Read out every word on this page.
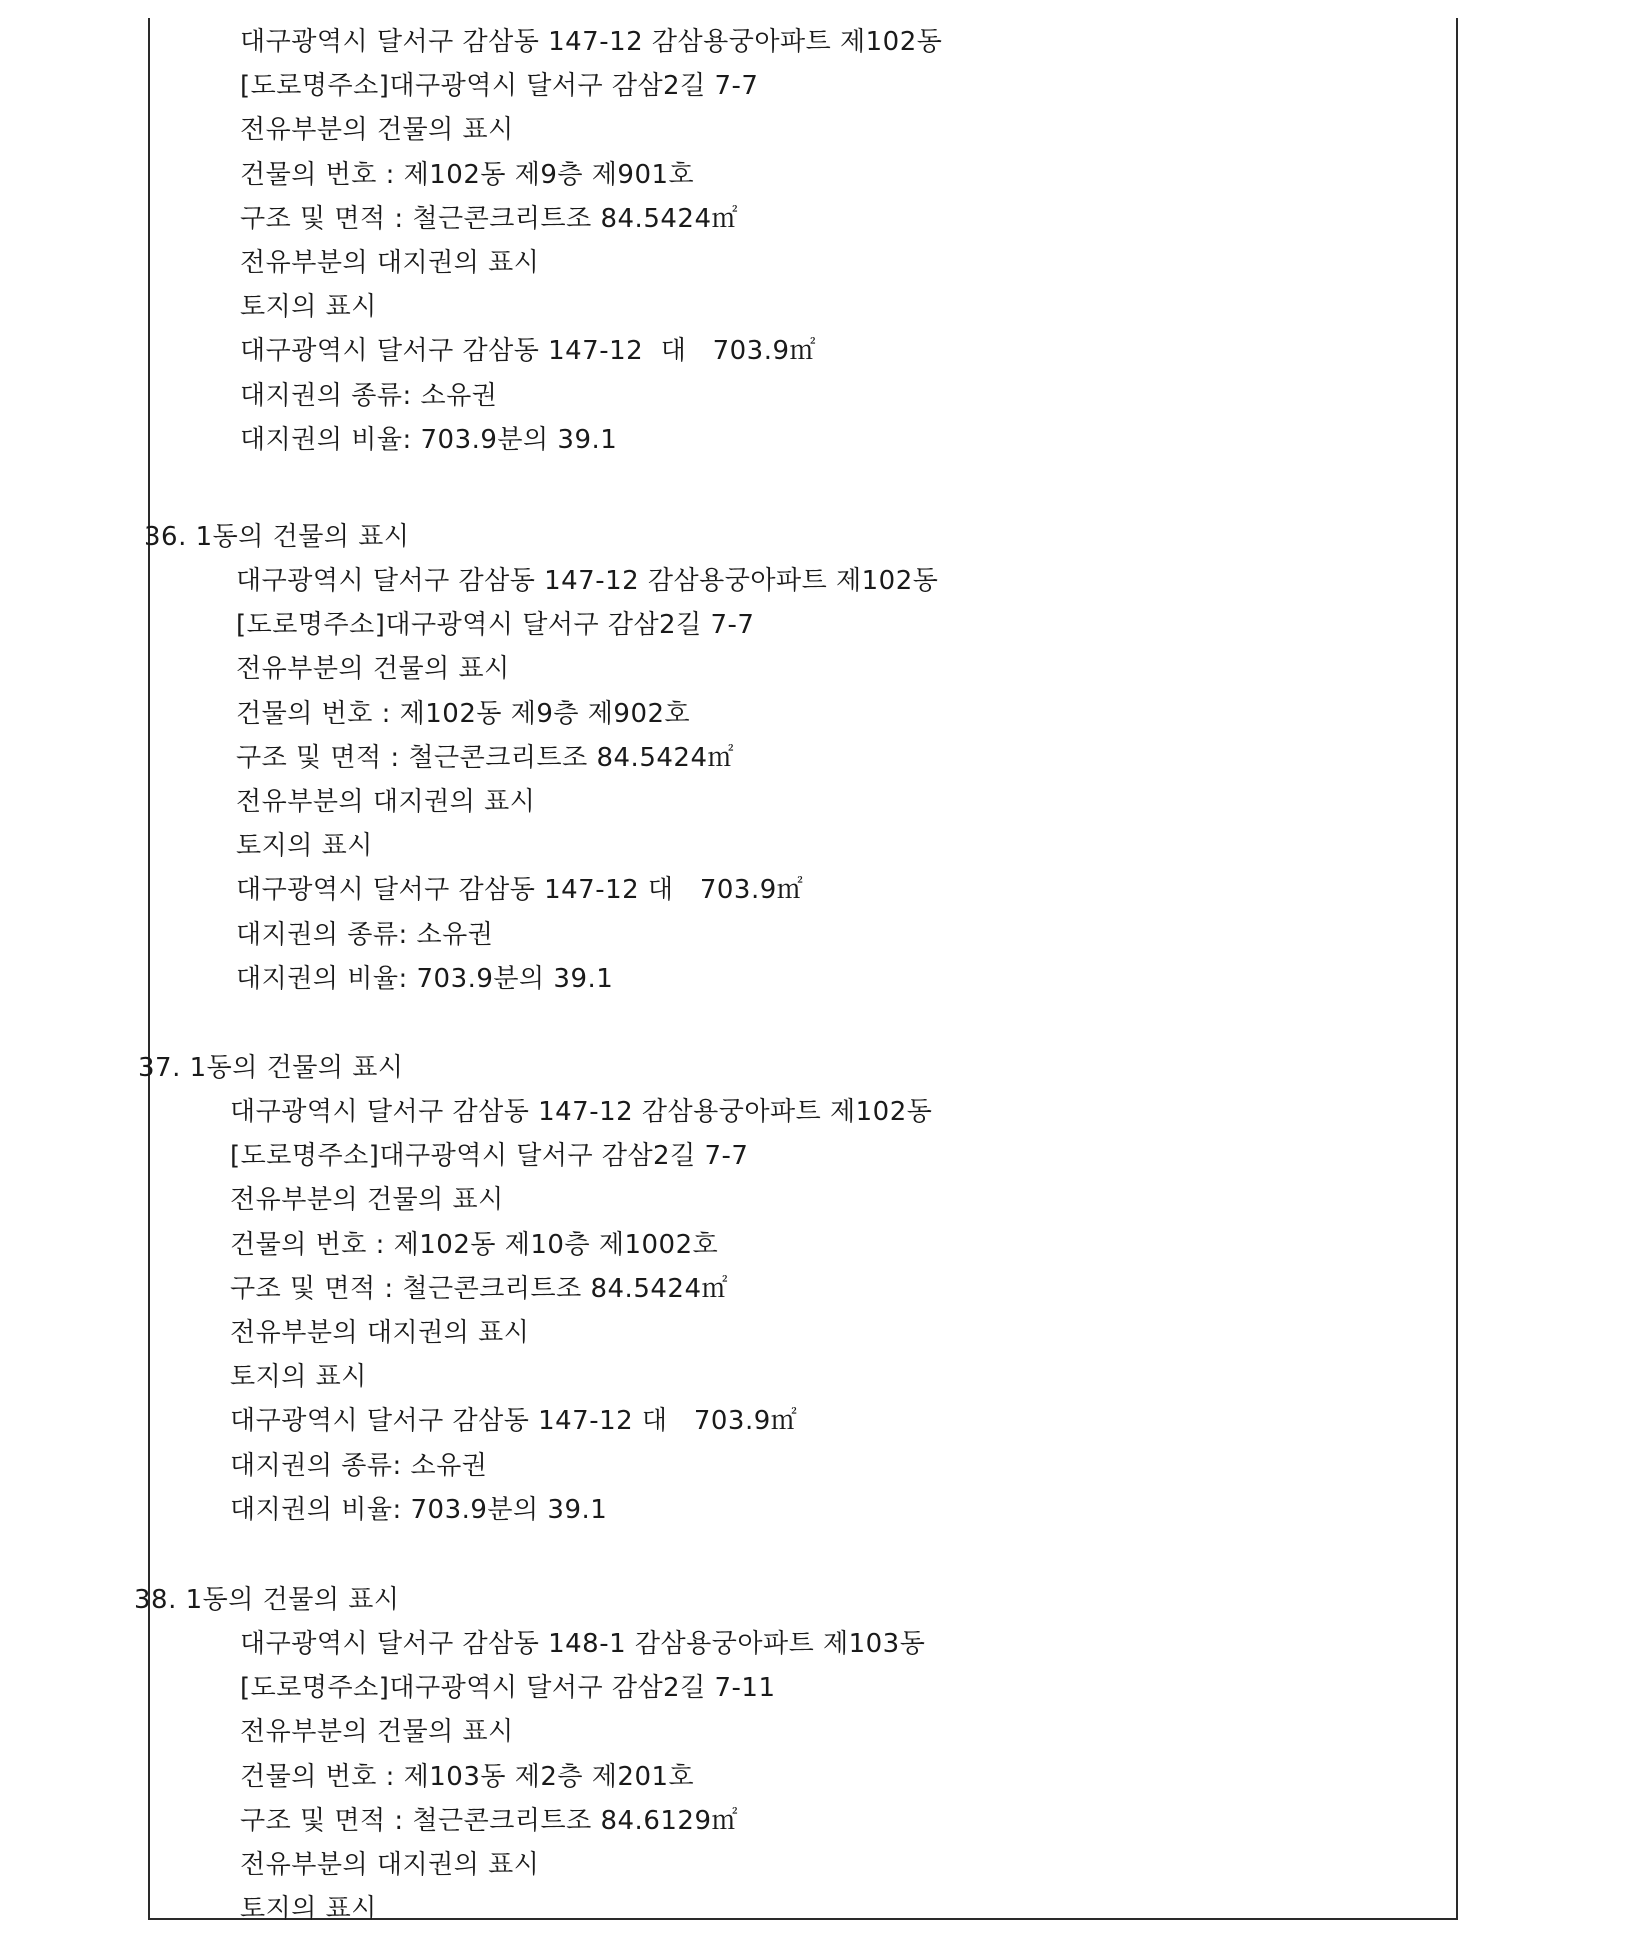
대구광역시 달서구 감삼동 147-12 감삼용궁아파트 제102동
[도로명주소]대구광역시 달서구 감삼2길 7-7
전유부분의 건물의 표시
건물의 번호 : 제102동 제9층 제901호
구조 및 면적 : 철근콘크리트조 84.5424㎡
전유부분의 대지권의 표시
토지의 표시
대구광역시 달서구 감삼동 147-12  대   703.9㎡
대지권의 종류: 소유권
대지권의 비율: 703.9분의 39.1
36. 1동의 건물의 표시
대구광역시 달서구 감삼동 147-12 감삼용궁아파트 제102동
[도로명주소]대구광역시 달서구 감삼2길 7-7
전유부분의 건물의 표시
건물의 번호 : 제102동 제9층 제902호
구조 및 면적 : 철근콘크리트조 84.5424㎡
전유부분의 대지권의 표시
토지의 표시
대구광역시 달서구 감삼동 147-12 대   703.9㎡
대지권의 종류: 소유권
대지권의 비율: 703.9분의 39.1
37. 1동의 건물의 표시
대구광역시 달서구 감삼동 147-12 감삼용궁아파트 제102동
[도로명주소]대구광역시 달서구 감삼2길 7-7
전유부분의 건물의 표시
건물의 번호 : 제102동 제10층 제1002호
구조 및 면적 : 철근콘크리트조 84.5424㎡
전유부분의 대지권의 표시
토지의 표시
대구광역시 달서구 감삼동 147-12 대   703.9㎡
대지권의 종류: 소유권
대지권의 비율: 703.9분의 39.1
38. 1동의 건물의 표시
대구광역시 달서구 감삼동 148-1 감삼용궁아파트 제103동
[도로명주소]대구광역시 달서구 감삼2길 7-11
전유부분의 건물의 표시
건물의 번호 : 제103동 제2층 제201호
구조 및 면적 : 철근콘크리트조 84.6129㎡
전유부분의 대지권의 표시
토지의 표시
